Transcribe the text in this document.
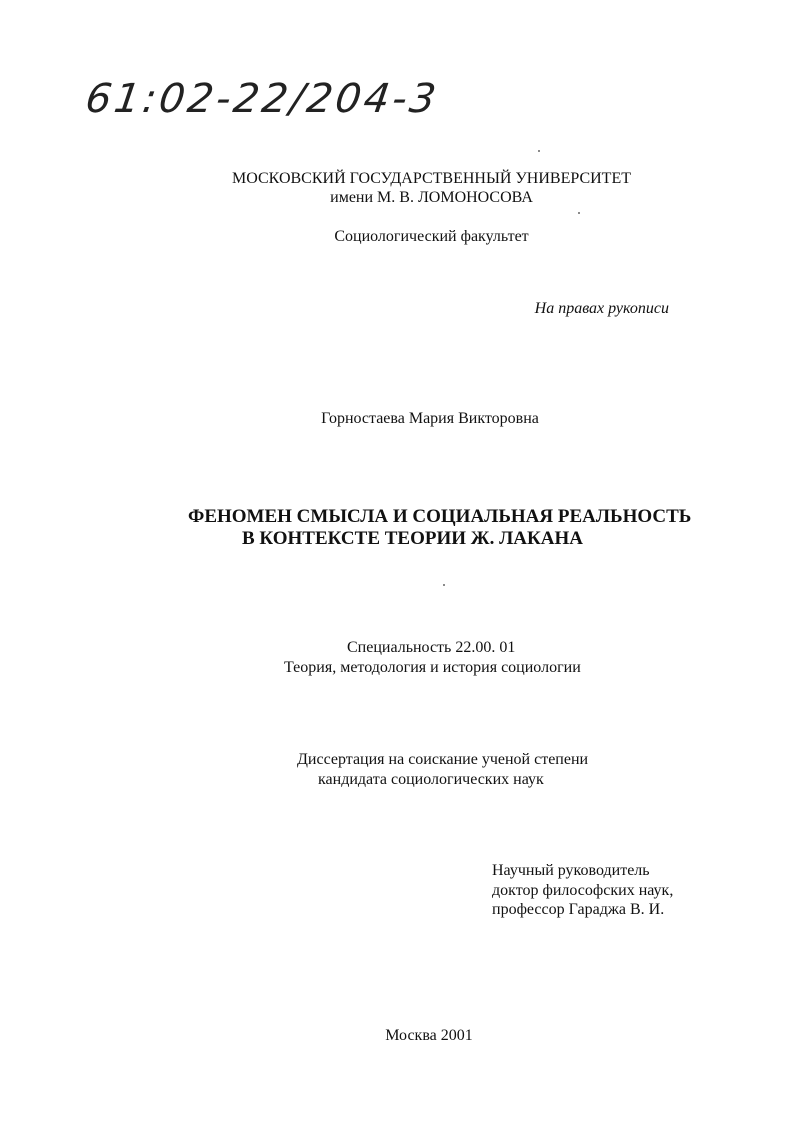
61:02-22/204-3
МОСКОВСКИЙ ГОСУДАРСТВЕННЫЙ УНИВЕРСИТЕТ
имени М. В. ЛОМОНОСОВА
Социологический факультет
На правах рукописи
Горностаева Мария Викторовна
ФЕНОМЕН СМЫСЛА И СОЦИАЛЬНАЯ РЕАЛЬНОСТЬ
В КОНТЕКСТЕ ТЕОРИИ Ж. ЛАКАНА
Специальность 22.00. 01
Теория, методология и история социологии
Диссертация на соискание ученой степени
кандидата социологических наук
Научный руководитель
доктор философских наук,
профессор Гараджа В. И.
Москва 2001
